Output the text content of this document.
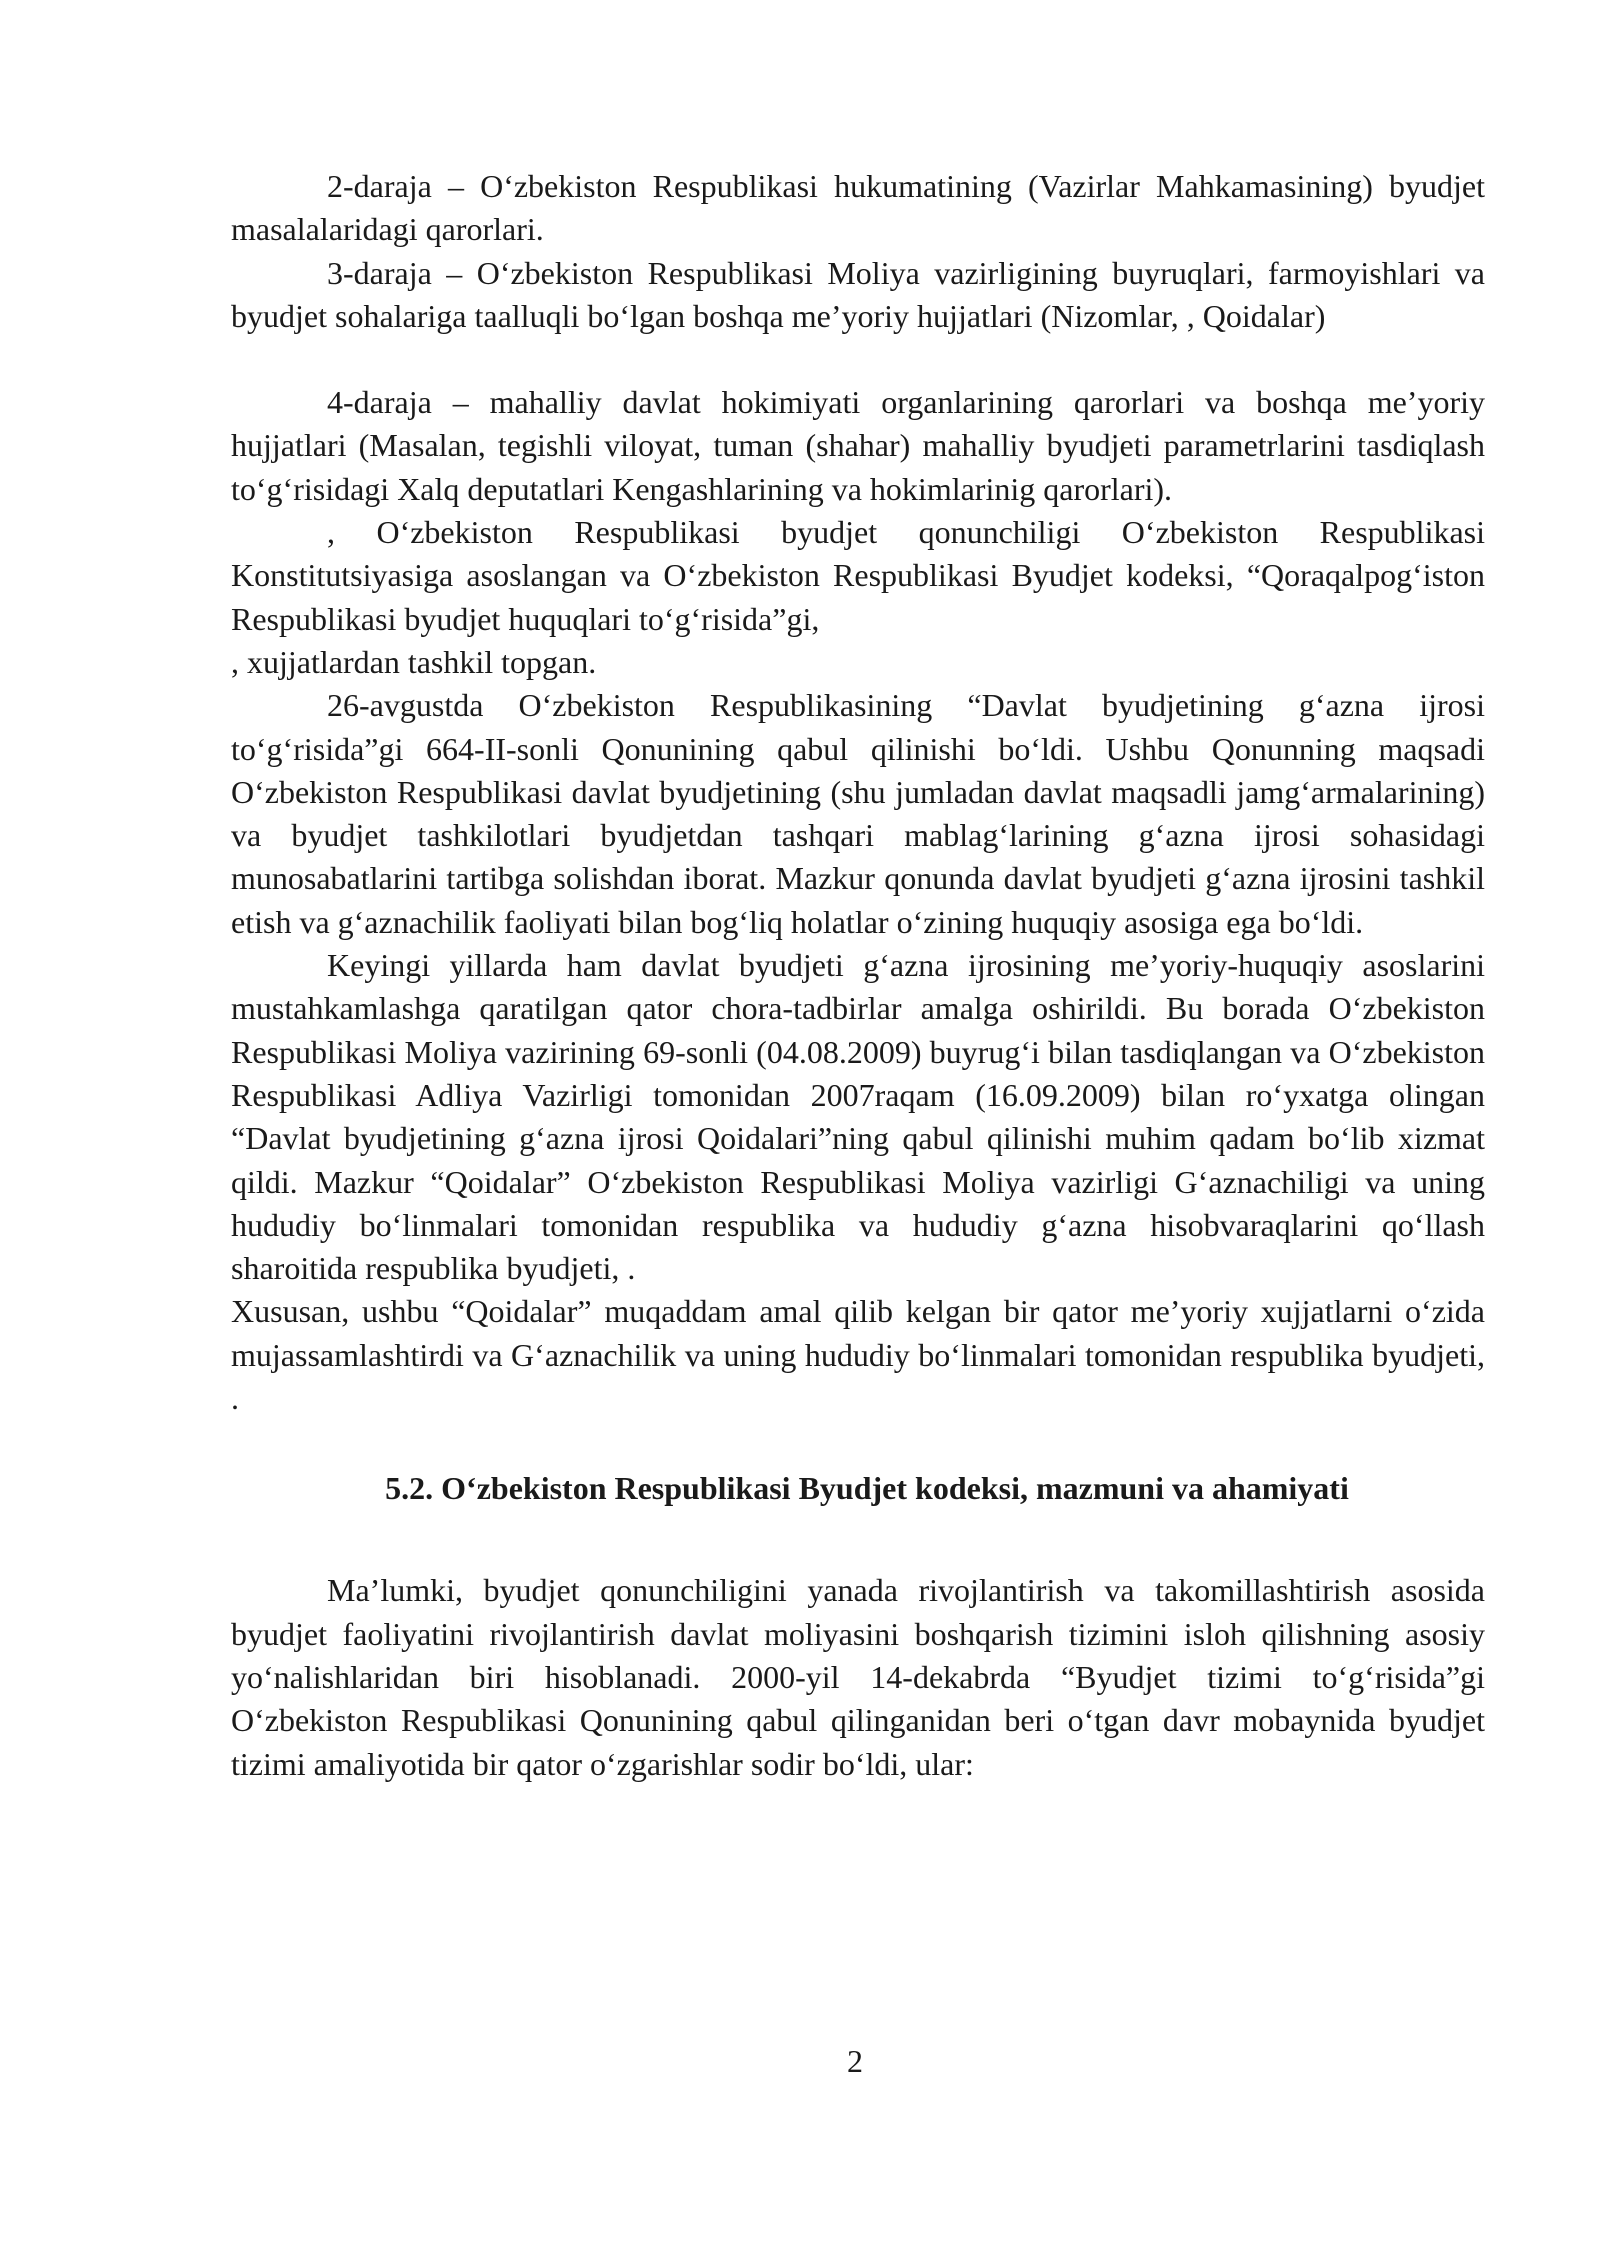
2-daraja – O‘zbekiston Respublikasi hukumatining (Vazirlar Mahkamasining) byudjet masalalaridagi qarorlari.

3-daraja – O‘zbekiston Respublikasi Moliya vazirligining buyruqlari, farmoyishlari va byudjet sohalariga taalluqli bo‘lgan boshqa me’yoriy hujjatlari (Nizomlar, , Qoidalar)

4-daraja – mahalliy davlat hokimiyati organlarining qarorlari va boshqa me’yoriy hujjatlari (Masalan, tegishli viloyat, tuman (shahar) mahalliy byudjeti parametrlarini tasdiqlash to‘g‘risidagi Xalq deputatlari Kengashlarining va hokimlarinig qarorlari).

, O‘zbekiston Respublikasi byudjet qonunchiligi O‘zbekiston Respublikasi Konstitutsiyasiga asoslangan va O‘zbekiston Respublikasi Byudjet kodeksi, “Qoraqalpog‘iston Respublikasi byudjet huquqlari to‘g‘risida”gi,

, xujjatlardan tashkil topgan.

26-avgustda O‘zbekiston Respublikasining “Davlat byudjetining g‘azna ijrosi to‘g‘risida”gi 664-II-sonli Qonunining qabul qilinishi bo‘ldi. Ushbu Qonunning maqsadi O‘zbekiston Respublikasi davlat byudjetining (shu jumladan davlat maqsadli jamg‘armalarining) va byudjet tashkilotlari byudjetdan tashqari mablag‘larining g‘azna ijrosi sohasidagi munosabatlarini tartibga solishdan iborat. Mazkur qonunda davlat byudjeti g‘azna ijrosini tashkil etish va g‘aznachilik faoliyati bilan bog‘liq holatlar o‘zining huquqiy asosiga ega bo‘ldi.

Keyingi yillarda ham davlat byudjeti g‘azna ijrosining me’yoriy-huquqiy asoslarini mustahkamlashga qaratilgan qator chora-tadbirlar amalga oshirildi. Bu borada O‘zbekiston Respublikasi Moliya vazirining 69-sonli (04.08.2009) buyrug‘i bilan tasdiqlangan va O‘zbekiston Respublikasi Adliya Vazirligi tomonidan 2007raqam (16.09.2009) bilan ro‘yxatga olingan “Davlat byudjetining g‘azna ijrosi Qoidalari”ning qabul qilinishi muhim qadam bo‘lib xizmat qildi. Mazkur “Qoidalar” O‘zbekiston Respublikasi Moliya vazirligi G‘aznachiligi va uning hududiy bo‘linmalari tomonidan respublika va hududiy g‘azna hisobvaraqlarini qo‘llash sharoitida respublika byudjeti, .

Xususan, ushbu “Qoidalar” muqaddam amal qilib kelgan bir qator me’yoriy xujjatlarni o‘zida mujassamlashtirdi va G‘aznachilik va uning hududiy bo‘linmalari tomonidan respublika byudjeti, .

5.2. O‘zbekiston Respublikasi Byudjet kodeksi, mazmuni va ahamiyati

Ma’lumki, byudjet qonunchiligini yanada rivojlantirish va takomillashtirish asosida byudjet faoliyatini rivojlantirish davlat moliyasini boshqarish tizimini isloh qilishning asosiy yo‘nalishlaridan biri hisoblanadi. 2000-yil 14-dekabrda “Byudjet tizimi to‘g‘risida”gi O‘zbekiston Respublikasi Qonunining qabul qilinganidan beri o‘tgan davr mobaynida byudjet tizimi amaliyotida bir qator o‘zgarishlar sodir bo‘ldi, ular:

2
